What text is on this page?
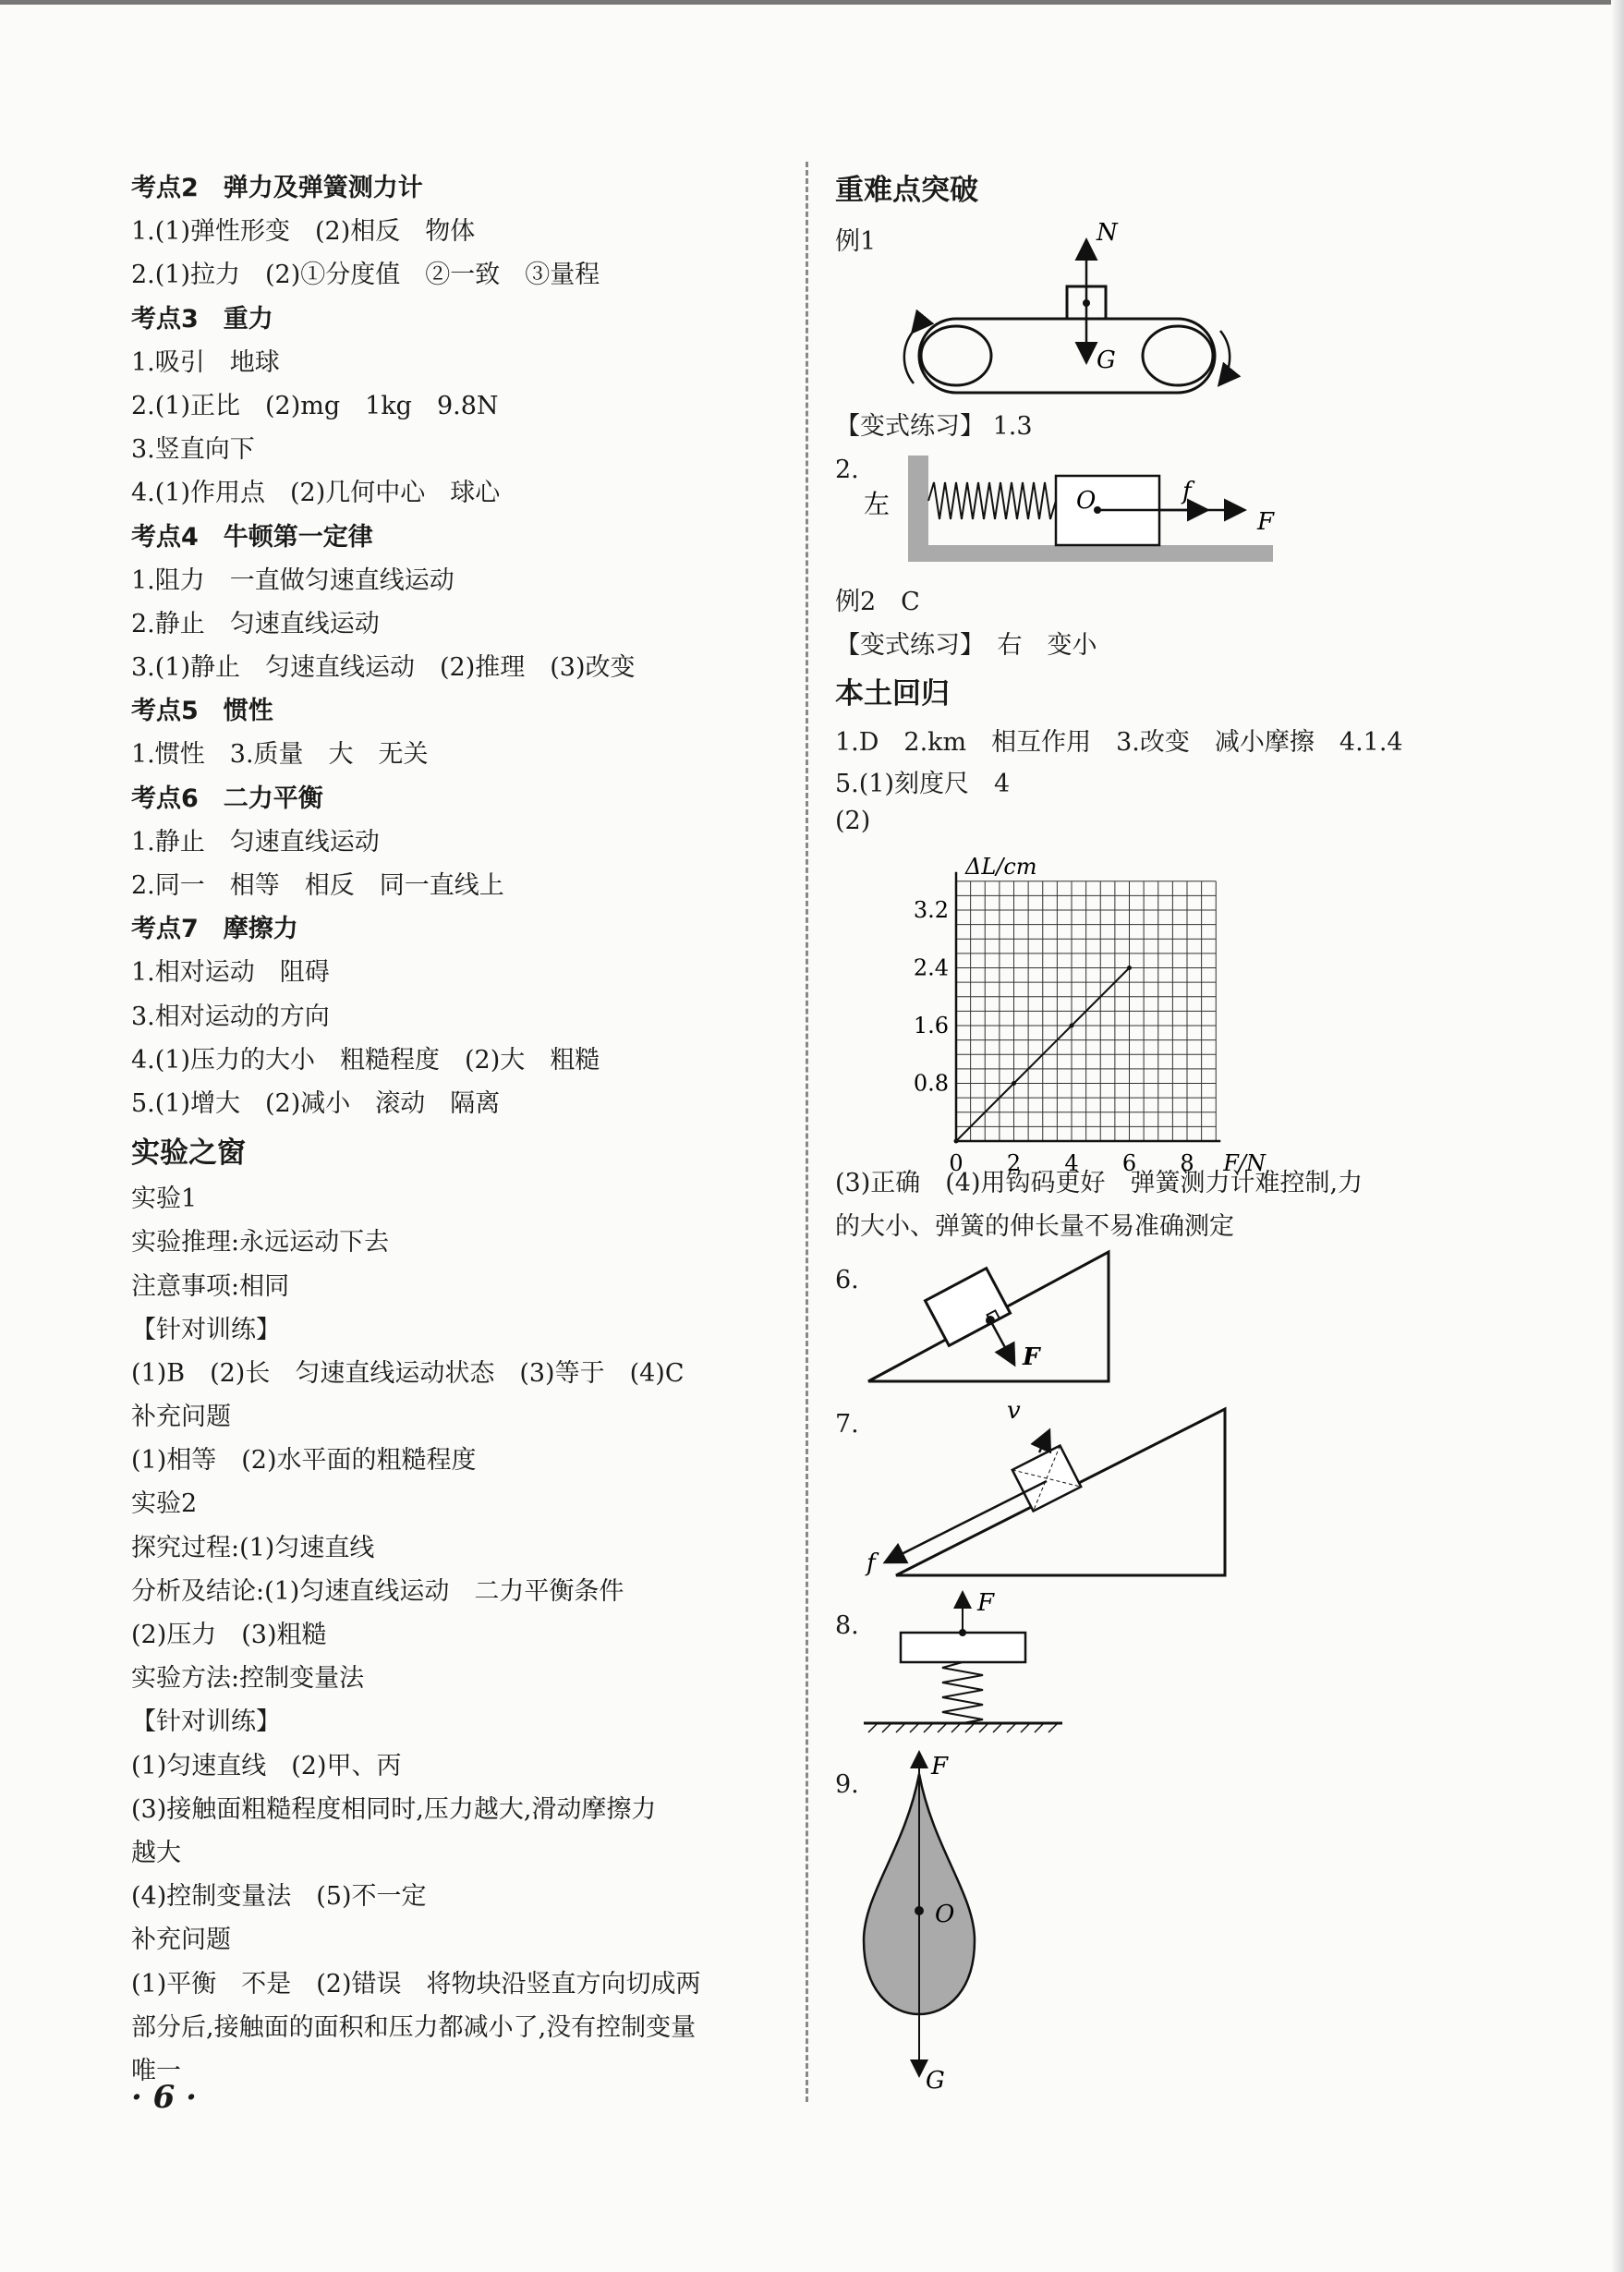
考点2　弹力及弹簧测力计
1.(1)弹性形变　(2)相反　物体
2.(1)拉力　(2)①分度值　②一致　③量程
考点3　重力
1.吸引　地球
2.(1)正比　(2)mg　1kg　9.8N
3.竖直向下
4.(1)作用点　(2)几何中心　球心
考点4　牛顿第一定律
1.阻力　一直做匀速直线运动
2.静止　匀速直线运动
3.(1)静止　匀速直线运动　(2)推理　(3)改变
考点5　惯性
1.惯性　3.质量　大　无关
考点6　二力平衡
1.静止　匀速直线运动
2.同一　相等　相反　同一直线上
考点7　摩擦力
1.相对运动　阻碍
3.相对运动的方向
4.(1)压力的大小　粗糙程度　(2)大　粗糙
5.(1)增大　(2)减小　滚动　隔离
实验之窗
实验1
实验推理:永远运动下去
注意事项:相同
【针对训练】
(1)B　(2)长　匀速直线运动状态　(3)等于　(4)C
补充问题
(1)相等　(2)水平面的粗糙程度
实验2
探究过程:(1)匀速直线
分析及结论:(1)匀速直线运动　二力平衡条件
(2)压力　(3)粗糙
实验方法:控制变量法
【针对训练】
(1)匀速直线　(2)甲、丙
(3)接触面粗糙程度相同时,压力越大,滑动摩擦力
越大
(4)控制变量法　(5)不一定
补充问题
(1)平衡　不是　(2)错误　将物块沿竖直方向切成两
部分后,接触面的面积和压力都减小了,没有控制变量
唯一
重难点突破
例1
【变式练习】 1.3
2.
例2　C
【变式练习】　右　变小
本土回归
1.D　2.km　相互作用　3.改变　减小摩擦　4.1.4
5.(1)刻度尺　4
(2)
(3)正确　(4)用钩码更好　弹簧测力计难控制,力
的大小、弹簧的伸长量不易准确测定
6.
7.
8.
9.
N
G
左	O	f
F
0 2 4 6 8
0.8
1.6
2.4
3.2
F/N
ΔL/cm
F
v
f
F
F
O
G
· 6 ·
